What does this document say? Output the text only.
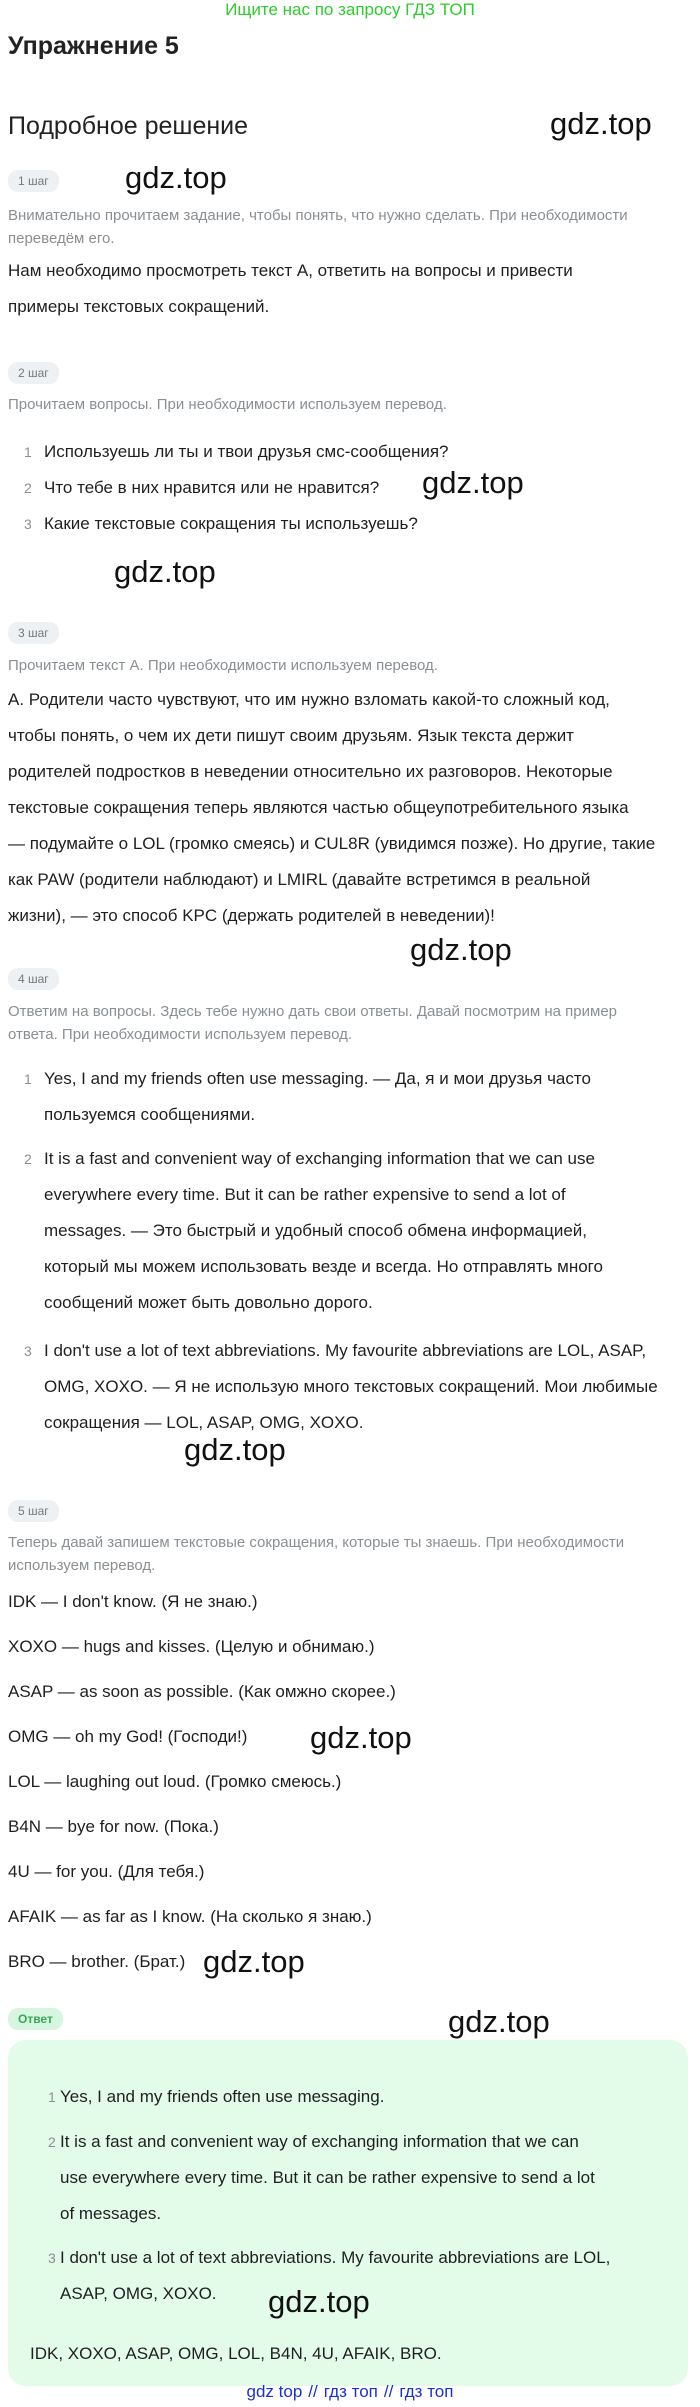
Ищите нас по запросу ГДЗ ТОП
Упражнение 5
Подробное решение	gdz.top
1 шаг	gdz.top
Внимательно прочитаем задание, чтобы понять, что нужно сделать. При необходимости
переведём его.
Нам необходимо просмотреть текст A, ответить на вопросы и привести
примеры текстовых сокращений.
2 шаг
Прочитаем вопросы. При необходимости используем перевод.
1 Используешь ли ты и твои друзья смс-сообщения?
2 Что тебе в них нравится или не нравится?
3 Какие текстовые сокращения ты используешь?
gdz.top
gdz.top
3 шаг
Прочитаем текст A. При необходимости используем перевод.
A. Родители часто чувствуют, что им нужно взломать какой-то сложный код,
чтобы понять, о чем их дети пишут своим друзьям. Язык текста держит
родителей подростков в неведении относительно их разговоров. Некоторые
текстовые сокращения теперь являются частью общеупотребительного языка
— подумайте о LOL (громко смеясь) и CUL8R (увидимся позже). Но другие, такие
как PAW (родители наблюдают) и LMIRL (давайте встретимся в реальной
жизни), — это способ KPC (держать родителей в неведении)!
gdz.top
4 шаг
Ответим на вопросы. Здесь тебе нужно дать свои ответы. Давай посмотрим на пример
ответа. При необходимости используем перевод.
1 Yes, I and my friends often use messaging. — Да, я и мои друзья часто
пользуемся сообщениями.
2 It is a fast and convenient way of exchanging information that we can use
everywhere every time. But it can be rather expensive to send a lot of
messages. — Это быстрый и удобный способ обмена информацией,
который мы можем использовать везде и всегда. Но отправлять много
сообщений может быть довольно дорого.
3 I don't use a lot of text abbreviations. My favourite abbreviations are LOL, ASAP,
OMG, XOXO. — Я не использую много текстовых сокращений. Мои любимые
сокращения — LOL, ASAP, OMG, XOXO.
gdz.top
5 шаг
Теперь давай запишем текстовые сокращения, которые ты знаешь. При необходимости
используем перевод.
IDK — I don't know. (Я не знаю.)
XOXO — hugs and kisses. (Целую и обнимаю.)
ASAP — as soon as possible. (Как омжно скорее.)
OMG — oh my God! (Господи!) gdz.top
LOL — laughing out loud. (Громко смеюсь.)
B4N — bye for now. (Пока.)
4U — for you. (Для тебя.)
AFAIK — as far as I know. (На сколько я знаю.)
BRO — brother. (Брат.) gdz.top
Ответ	gdz.top
1 Yes, I and my friends often use messaging.
2 It is a fast and convenient way of exchanging information that we can
use everywhere every time. But it can be rather expensive to send a lot
of messages.
3 I don't use a lot of text abbreviations. My favourite abbreviations are LOL,
ASAP, OMG, XOXO.	gdz.top
IDK, XOXO, ASAP, OMG, LOL, B4N, 4U, AFAIK, BRO.
gdz top // гдз топ // гдз топ
